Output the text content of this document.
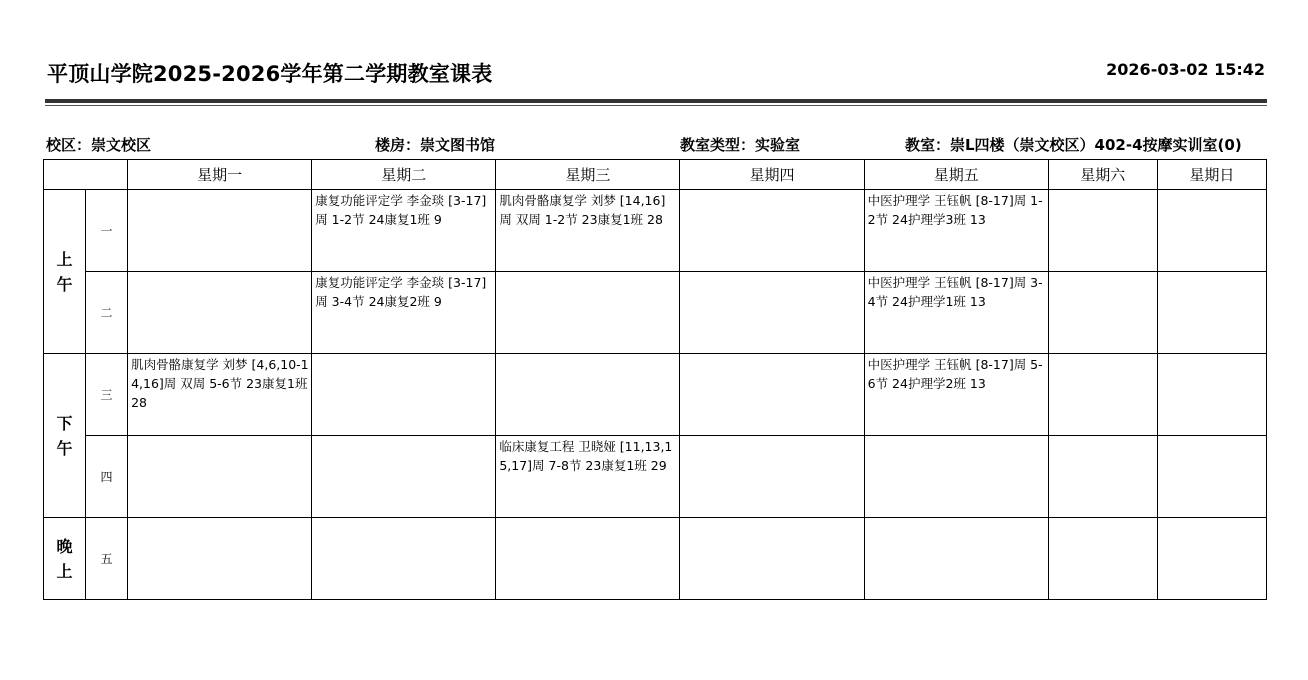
平顶山学院2025-2026学年第二学期教室课表	2026-03-02 15:42
校区：崇文校区	楼房：崇文图书馆	教室类型：实验室	教室：崇L四楼（崇文校区）402-4按摩实训室(0)
		星期一	星期二	星期三	星期四	星期五	星期六	星期日
上
午	一		康复功能评定学 李金琰 [3-17]周 1-2节 24康复1班 9	肌肉骨骼康复学 刘梦 [14,16]周 双周 1-2节 23康复1班 28		中医护理学 王钰帆 [8-17]周 1-2节 24护理学3班 13		

	二		康复功能评定学 李金琰 [3-17]周 3-4节 24康复2班 9			中医护理学 王钰帆 [8-17]周 3-4节 24护理学1班 13		

下
午	三	肌肉骨骼康复学 刘梦 [4,6,10-14,16]周 双周 5-6节 23康复1班 28				中医护理学 王钰帆 [8-17]周 5-6节 24护理学2班 13		

	四			临床康复工程 卫晓娅 [11,13,15,17]周 7-8节 23康复1班 29				

晚
上	五							
